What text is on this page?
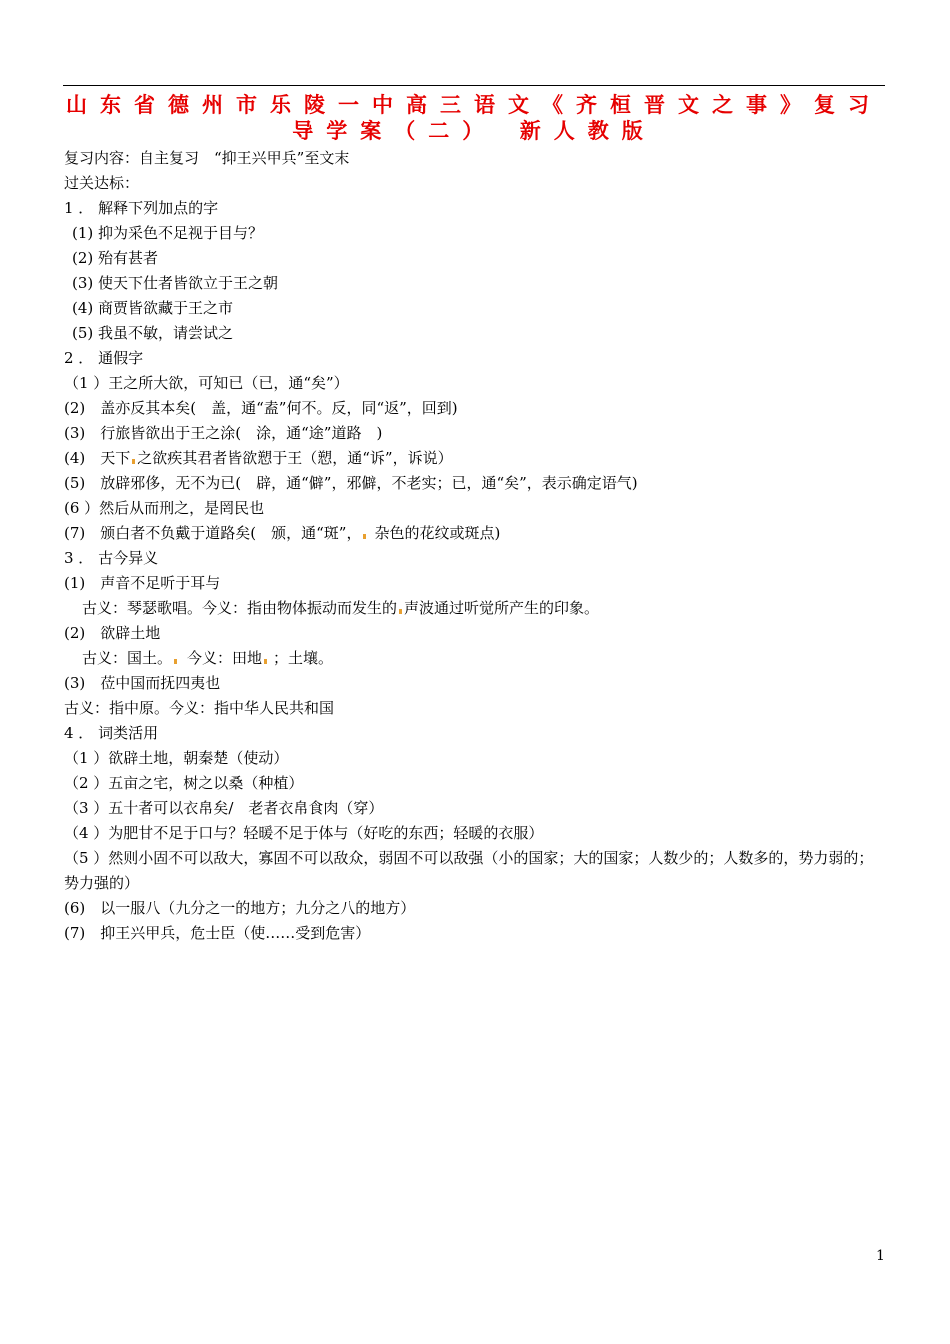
山东省德州市乐陵一中高三语文《齐桓晋文之事》复习
导学案（二）　新人教版
复习内容：自主复习　“抑王兴甲兵”至文末
过关达标：
1 ． 解释下列加点的字
(1) 抑为采色不足视于目与？
(2) 殆有甚者
(3) 使天下仕者皆欲立于王之朝
(4) 商贾皆欲藏于王之市
(5) 我虽不敏，请尝试之
2 ． 通假字
（1 ）王之所大欲，可知已（已，通“矣”）
(2)　盖亦反其本矣(　盖，通“盍”何不。反，同“返”，回到)
(3)　行旅皆欲出于王之涂(　涂，通“途”道路　)
(4)　天下 之欲疾其君者皆欲愬于王（愬，通“诉”，诉说）
(5)　放辟邪侈，无不为已(　辟，通“僻”，邪僻，不老实；已，通“矣”，表示确定语气)
(6 ）然后从而刑之，是罔民也
(7)　颁白者不负戴于道路矣(　颁，通“斑”， 杂色的花纹或斑点)
3 ． 古今异义
(1)　声音不足听于耳与
古义：琴瑟歌唱。今义：指由物体振动而发生的 声波通过听觉所产生的印象。
(2)　欲辟土地
古义：国土。 今义：田地 ；土壤。
(3)　莅中国而抚四夷也
古义：指中原。今义：指中华人民共和国
4 ． 词类活用
（1 ）欲辟土地，朝秦楚（使动）
（2 ）五亩之宅，树之以桑（种植）
（3 ）五十者可以衣帛矣/　老者衣帛食肉（穿）
（4 ）为肥甘不足于口与？轻暖不足于体与（好吃的东西；轻暖的衣服）
（5 ）然则小固不可以敌大，寡固不可以敌众，弱固不可以敌强（小的国家；大的国家；人数少的；人数多的，势力弱的；势力强的）
(6)　以一服八（九分之一的地方；九分之八的地方）
(7)　抑王兴甲兵，危士臣（使……受到危害）
1
